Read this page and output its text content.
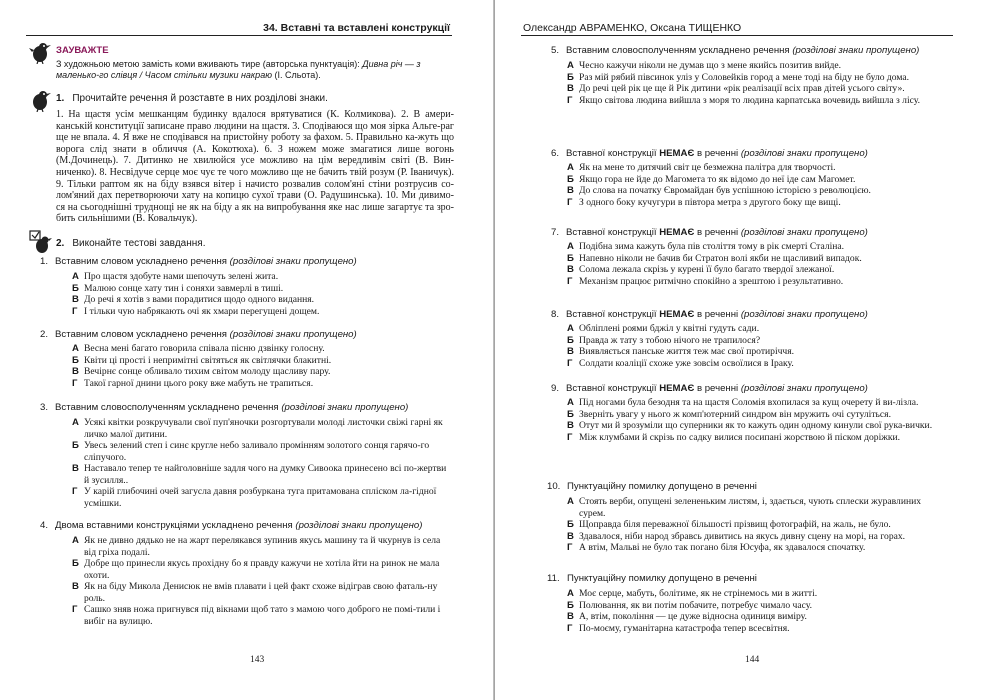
34. Вставні та вставлені конструкції
ЗАУВАЖТЕ
З художньою метою замість коми вживають тире (авторська пунктуація): Дивна річ — з маленько-го слівця / Часом стільки музики накраю (І. Сльота).
1. Прочитайте речення й розставте в них розділові знаки.
1. На щастя усім мешканцям будинку вдалося врятуватися (К. Колмикова). 2. В амери-канській конституції записане право людини на щастя. 3. Сподіваюся що моя зірка Альге-раг ще не впала. 4. Я вже не сподівався на пристойну роботу за фахом. 5. Правильно ка-жуть що ворога слід знати в обличчя (А. Кокотюха). 6. З ножем може змагатися лише вогонь (М.Дочинець). 7. Дитинко не хвилюйся усе можливо на цім вередливім світі (В. Вин-ниченко). 8. Несвідуче серце моє чує те чого можливо ще не бачить твій розум (Р. Іваничук). 9. Тільки раптом як на біду взявся вітер і начисто розвалив солом'яні стіни розтрусив со-лом'яний дах перетворюючи хату на копицю сухої трави (О. Радушинська). 10. Ми дивимо-ся на сьогоднішні труднощі не як на біду а як на випробування яке нас лише загартує та зро-бить сильнішими (В. Ковальчук).
2. Виконайте тестові завдання.
1. Вставним словом ускладнено речення (розділові знаки пропущено)
А Про щастя здобуте нами шепочуть зелені жита.
Б Малюю сонце хату тин і соняхи завмерлі в тиші.
В До речі я хотів з вами порадитися щодо одного видання.
Г І тільки чую набрякають очі як хмари перегущені дощем.
2. Вставним словом ускладнено речення (розділові знаки пропущено)
А Весна мені багато говорила співала пісню дзвінку голосну.
Б Квіти ці прості і непримітні світяться як світлячки блакитні.
В Вечірнє сонце обливало тихим світом молоду щасливу пару.
Г Такої гарної днини цього року вже мабуть не трапиться.
3. Вставним словосполученням ускладнено речення (розділові знаки пропущено)
А Усякі квітки розкручували свої пуп'яночки розгортували молоді листочки свіжі гарні як личко малої дитини.
Б Увесь зелений степ і синє кругле небо заливало промінням золотого сонця гарячо-го сліпучого.
В Наставало тепер те найголовніше задля чого на думку Сивоока принесено всі по-жертви й зусилля..
Г У карій глибочині очей загусла давня розбуркана туга притамована спліском ла-гідної усмішки.
4. Двома вставними конструкціями ускладнено речення (розділові знаки пропущено)
А Як не дивно дядько не на жарт перелякався зупинив якусь машину та й чкурнув із села від гріха подалі.
Б Добре що принесли якусь прохідну бо я правду кажучи не хотіла йти на ринок не мала охоти.
В Як на біду Микола Денисюк не вмів плавати і цей факт схоже відіграв свою фаталь-ну роль.
Г Сашко зняв ножа пригнувся під вікнами щоб тато з мамою чого доброго не помі-тили і вибіг на вулицю.
143
Олександр АВРАМЕНКО, Оксана ТИЩЕНКО
5. Вставним словосполученням ускладнено речення (розділові знаки пропущено)
А Чесно кажучи ніколи не думав що з мене якийсь позитив вийде.
Б Раз мій рябий півсинок уліз у Соловейків город а мене тоді на біду не було дома.
В До речі цей рік це ще й Рік дитини «рік реалізації всіх прав дітей усього світу».
Г Якщо світова людина вийшла з моря то людина карпатська вочевидь вийшла з лісу.
6. Вставної конструкції НЕМАЄ в реченні (розділові знаки пропущено)
А Як на мене то дитячий світ це безмежна палітра для творчості.
Б Якщо гора не йде до Магомета то як відомо до неї іде сам Магомет.
В До слова на початку Євромайдан був успішною історією з революцією.
Г З одного боку кучугури в півтора метра з другого боку ще вищі.
7. Вставної конструкції НЕМАЄ в реченні (розділові знаки пропущено)
А Подібна зима кажуть була пів століття тому в рік смерті Сталіна.
Б Напевно ніколи не бачив би Стратон волі якби не щасливий випадок.
В Солома лежала скрізь у курені її було багато твердої злежаної.
Г Механізм працює ритмічно спокійно а зрештою і результативно.
8. Вставної конструкції НЕМАЄ в реченні (розділові знаки пропущено)
А Обліплені роями бджіл у квітні гудуть сади.
Б Правда ж тату з тобою нічого не трапилося?
В Виявляється панське життя теж має свої протиріччя.
Г Солдати коаліції схоже уже зовсім освоїлися в Іраку.
9. Вставної конструкції НЕМАЄ в реченні (розділові знаки пропущено)
А Під ногами була безодня та на щастя Соломія вхопилася за кущ очерету й ви-лізла.
Б Зверніть увагу у нього ж комп'ютерний синдром він мружить очі сутуліться.
В Отут ми й зрозуміли що суперники як то кажуть один одному кинули свої рука-вички.
Г Між клумбами й скрізь по садку вилися посипані жорствою й піском доріжки.
10. Пунктуаційну помилку допущено в реченні
А Стоять верби, опущені зелененьким листям, і, здається, чують сплески журавлиних сурем.
Б Щоправда біля переважної більшості прізвищ фотографій, на жаль, не було.
В Здавалося, ніби народ збравсь дивитись на якусь дивну сцену на морі, на горах.
Г А втім, Мальві не було так погано біля Юсуфа, як здавалося спочатку.
11. Пунктуаційну помилку допущено в реченні
А Моє серце, мабуть, болітиме, як не стрінемось ми в житті.
Б Полювання, як ви потім побачите, потребує чимало часу.
В А, втім, покоління — це дуже відносна одиниця виміру.
Г По-моєму, гуманітарна катастрофа тепер всесвітня.
144
